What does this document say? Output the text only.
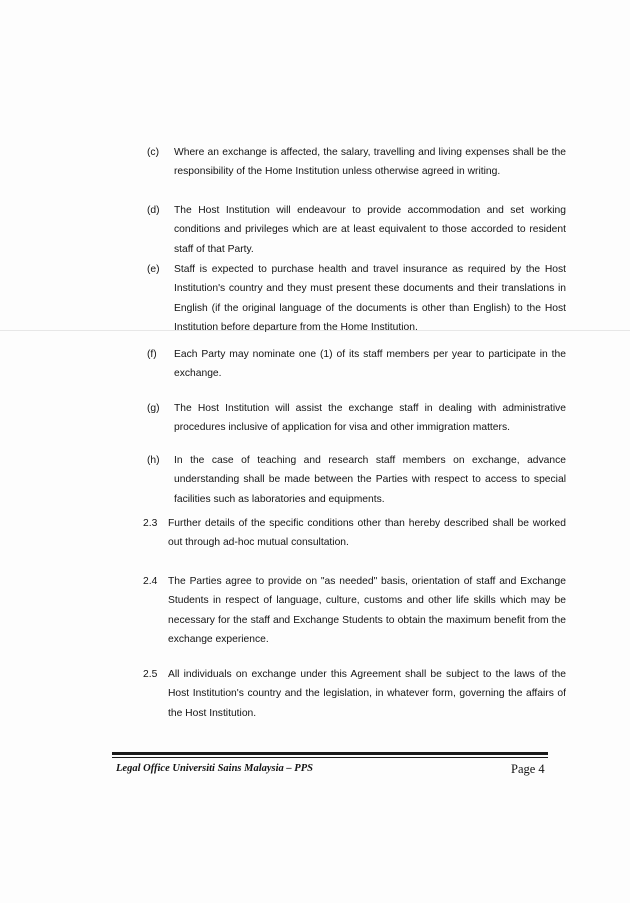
(c) Where an exchange is affected, the salary, travelling and living expenses shall be the responsibility of the Home Institution unless otherwise agreed in writing.
(d) The Host Institution will endeavour to provide accommodation and set working conditions and privileges which are at least equivalent to those accorded to resident staff of that Party.
(e) Staff is expected to purchase health and travel insurance as required by the Host Institution's country and they must present these documents and their translations in English (if the original language of the documents is other than English) to the Host Institution before departure from the Home Institution.
(f) Each Party may nominate one (1) of its staff members per year to participate in the exchange.
(g) The Host Institution will assist the exchange staff in dealing with administrative procedures inclusive of application for visa and other immigration matters.
(h) In the case of teaching and research staff members on exchange, advance understanding shall be made between the Parties with respect to access to special facilities such as laboratories and equipments.
2.3 Further details of the specific conditions other than hereby described shall be worked out through ad-hoc mutual consultation.
2.4 The Parties agree to provide on "as needed" basis, orientation of staff and Exchange Students in respect of language, culture, customs and other life skills which may be necessary for the staff and Exchange Students to obtain the maximum benefit from the exchange experience.
2.5 All individuals on exchange under this Agreement shall be subject to the laws of the Host Institution's country and the legislation, in whatever form, governing the affairs of the Host Institution.
Legal Office Universiti Sains Malaysia – PPS	Page 4
